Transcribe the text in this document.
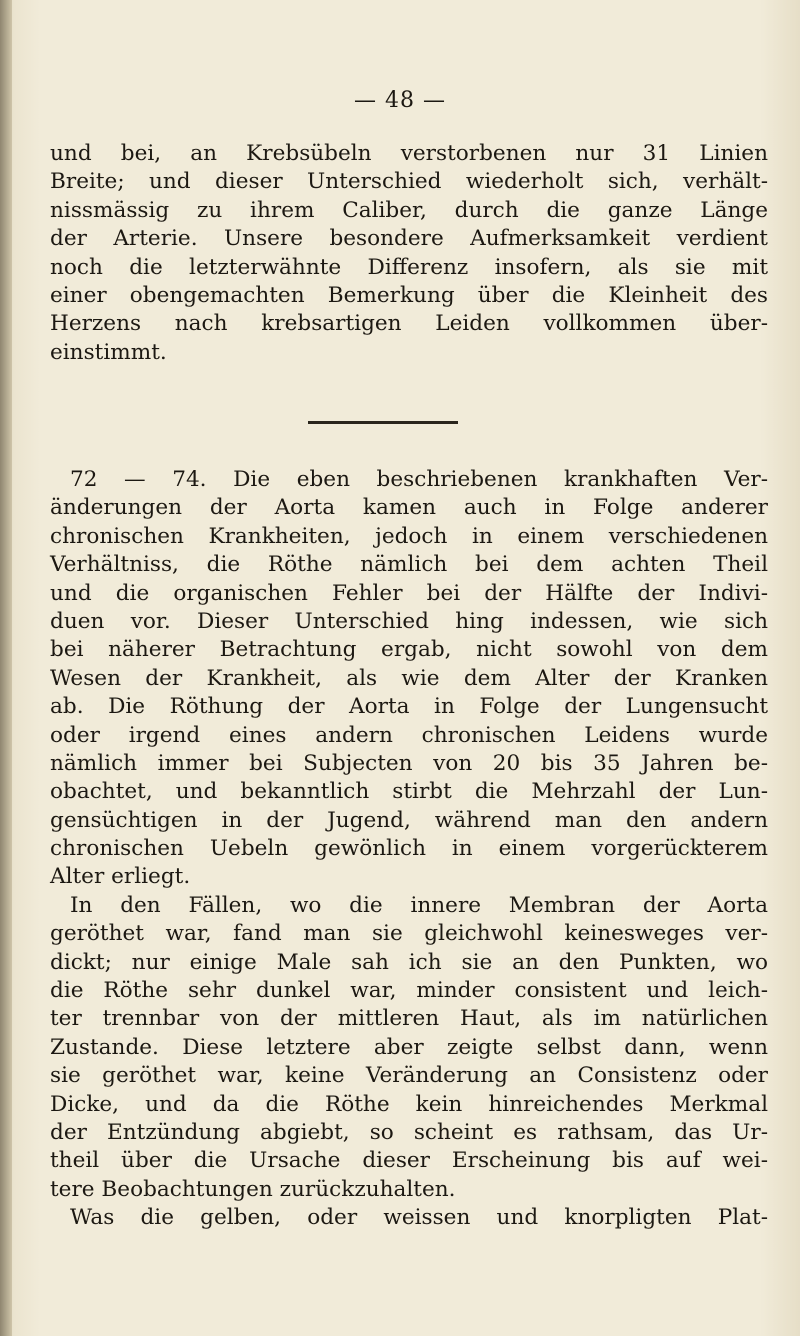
— 48 —
und bei, an Krebsübeln verstorbenen nur 31 Linien
Breite; und dieser Unterschied wiederholt sich, verhält-
nissmässig zu ihrem Caliber, durch die ganze Länge
der Arterie. Unsere besondere Aufmerksamkeit verdient
noch die letzterwähnte Differenz insofern, als sie mit
einer obengemachten Bemerkung über die Kleinheit des
Herzens nach krebsartigen Leiden vollkommen über-
einstimmt.
72 — 74. Die eben beschriebenen krankhaften Ver-
änderungen der Aorta kamen auch in Folge anderer
chronischen Krankheiten, jedoch in einem verschiedenen
Verhältniss, die Röthe nämlich bei dem achten Theil
und die organischen Fehler bei der Hälfte der Indivi-
duen vor. Dieser Unterschied hing indessen, wie sich
bei näherer Betrachtung ergab, nicht sowohl von dem
Wesen der Krankheit, als wie dem Alter der Kranken
ab. Die Röthung der Aorta in Folge der Lungensucht
oder irgend eines andern chronischen Leidens wurde
nämlich immer bei Subjecten von 20 bis 35 Jahren be-
obachtet, und bekanntlich stirbt die Mehrzahl der Lun-
gensüchtigen in der Jugend, während man den andern
chronischen Uebeln gewönlich in einem vorgerückterem
Alter erliegt.
In den Fällen, wo die innere Membran der Aorta
geröthet war, fand man sie gleichwohl keinesweges ver-
dickt; nur einige Male sah ich sie an den Punkten, wo
die Röthe sehr dunkel war, minder consistent und leich-
ter trennbar von der mittleren Haut, als im natürlichen
Zustande. Diese letztere aber zeigte selbst dann, wenn
sie geröthet war, keine Veränderung an Consistenz oder
Dicke, und da die Röthe kein hinreichendes Merkmal
der Entzündung abgiebt, so scheint es rathsam, das Ur-
theil über die Ursache dieser Erscheinung bis auf wei-
tere Beobachtungen zurückzuhalten.
Was die gelben, oder weissen und knorpligten Plat-
